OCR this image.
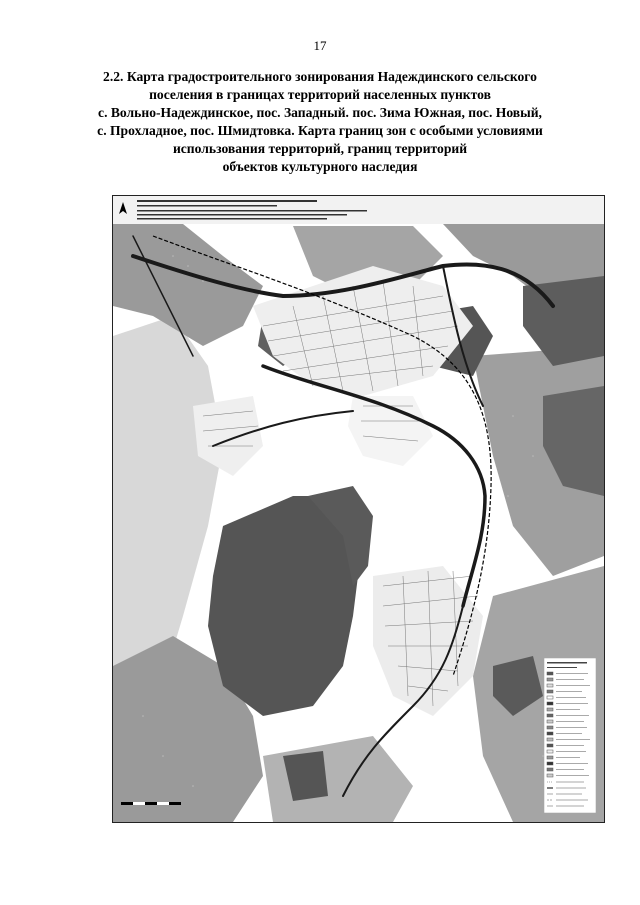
17
2.2. Карта градостроительного зонирования Надеждинского сельского
поселения в границах территорий населенных пунктов
с. Вольно-Надеждинское, пос. Западный. пос. Зима Южная, пос. Новый,
с. Прохладное, пос. Шмидтовка. Карта границ зон с особыми условиями
использования территорий, границ территорий
объектов культурного наследия
